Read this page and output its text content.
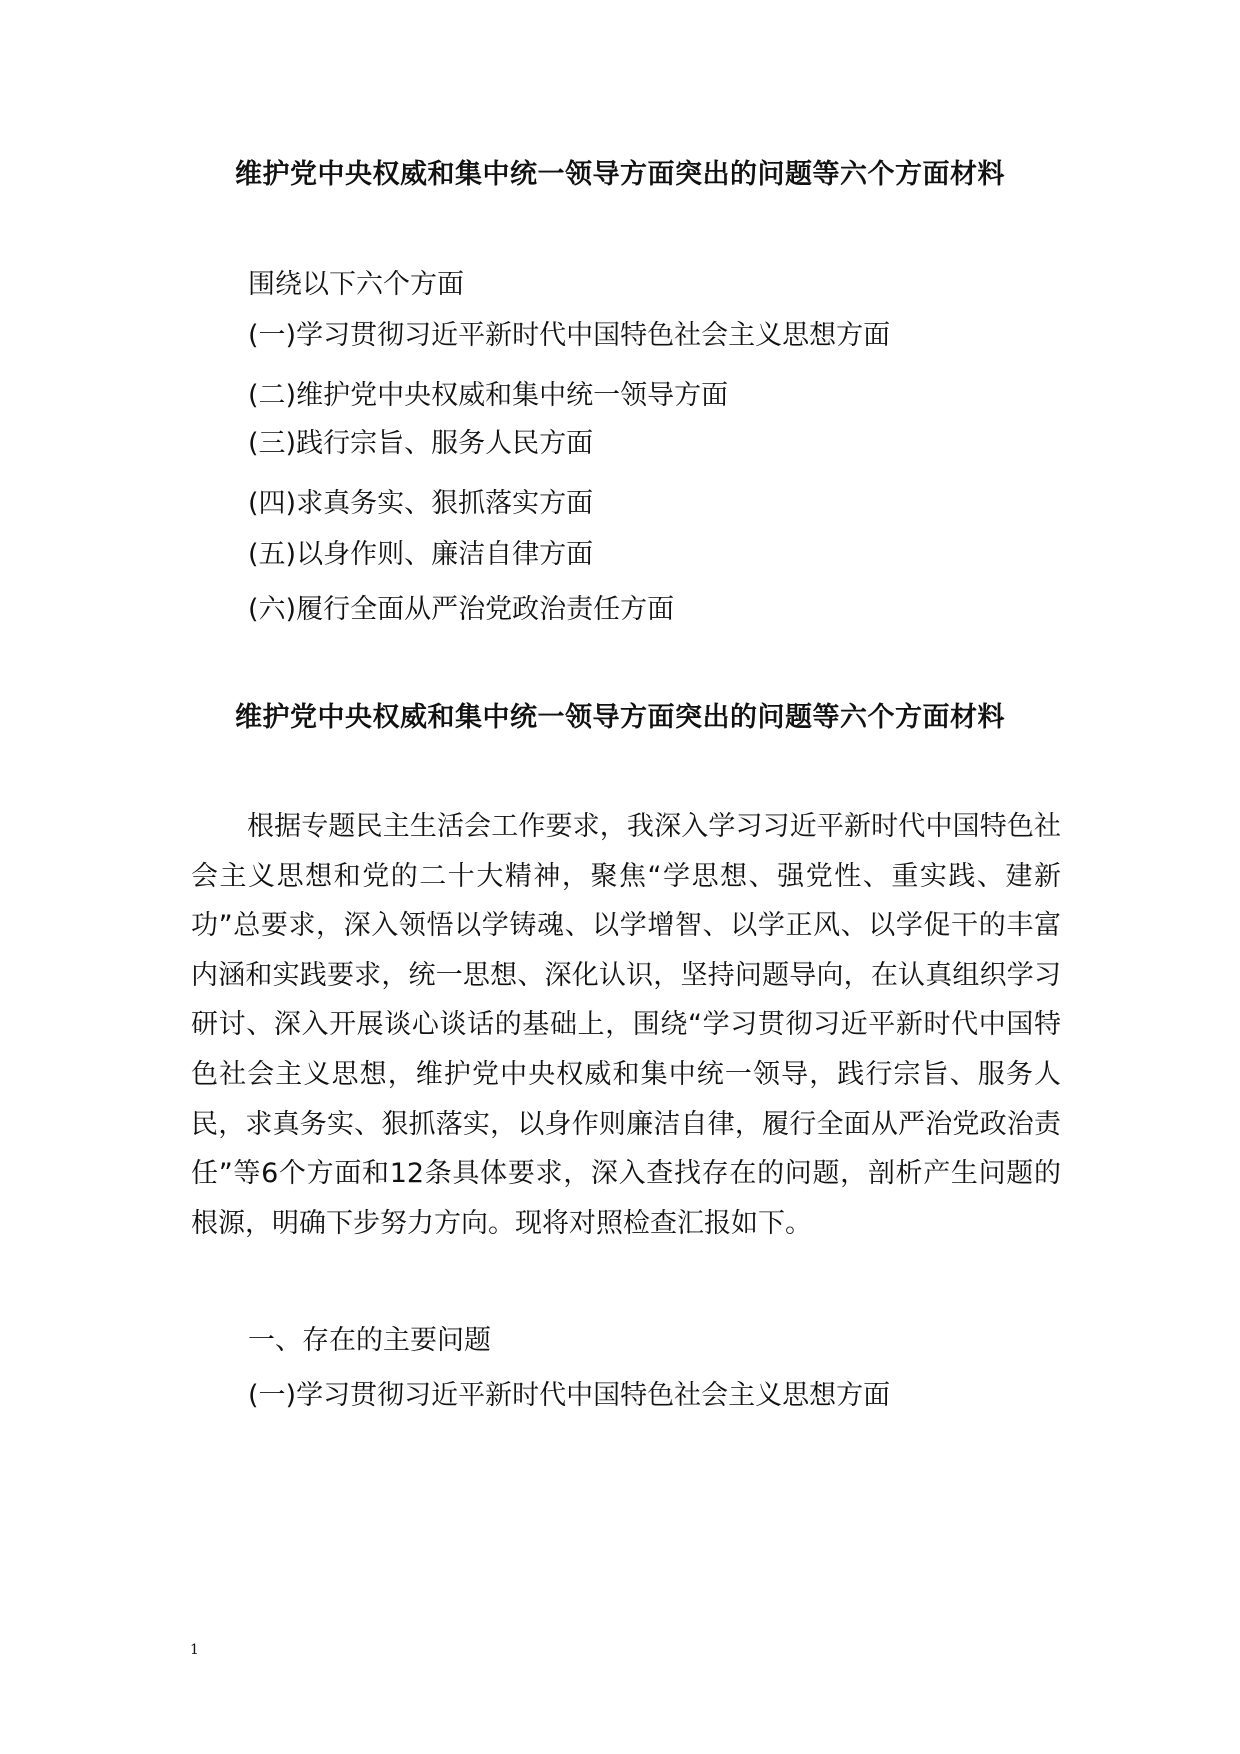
维护党中央权威和集中统一领导方面突出的问题等六个方面材料
围绕以下六个方面
(一)学习贯彻习近平新时代中国特色社会主义思想方面
(二)维护党中央权威和集中统一领导方面
(三)践行宗旨、服务人民方面
(四)求真务实、狠抓落实方面
(五)以身作则、廉洁自律方面
(六)履行全面从严治党政治责任方面
维护党中央权威和集中统一领导方面突出的问题等六个方面材料

根据专题民主生活会工作要求，我深入学习习近平新时代中国特色社会主义思想和党的二十大精神，聚焦“学思想、强党性、重实践、建新功”总要求，深入领悟以学铸魂、以学增智、以学正风、以学促干的丰富内涵和实践要求，统一思想、深化认识，坚持问题导向，在认真组织学习研讨、深入开展谈心谈话的基础上，围绕“学习贯彻习近平新时代中国特色社会主义思想，维护党中央权威和集中统一领导，践行宗旨、服务人民，求真务实、狠抓落实，以身作则廉洁自律，履行全面从严治党政治责任”等6个方面和12条具体要求，深入查找存在的问题，剖析产生问题的根源，明确下步努力方向。现将对照检查汇报如下。

一、存在的主要问题
(一)学习贯彻习近平新时代中国特色社会主义思想方面
1
